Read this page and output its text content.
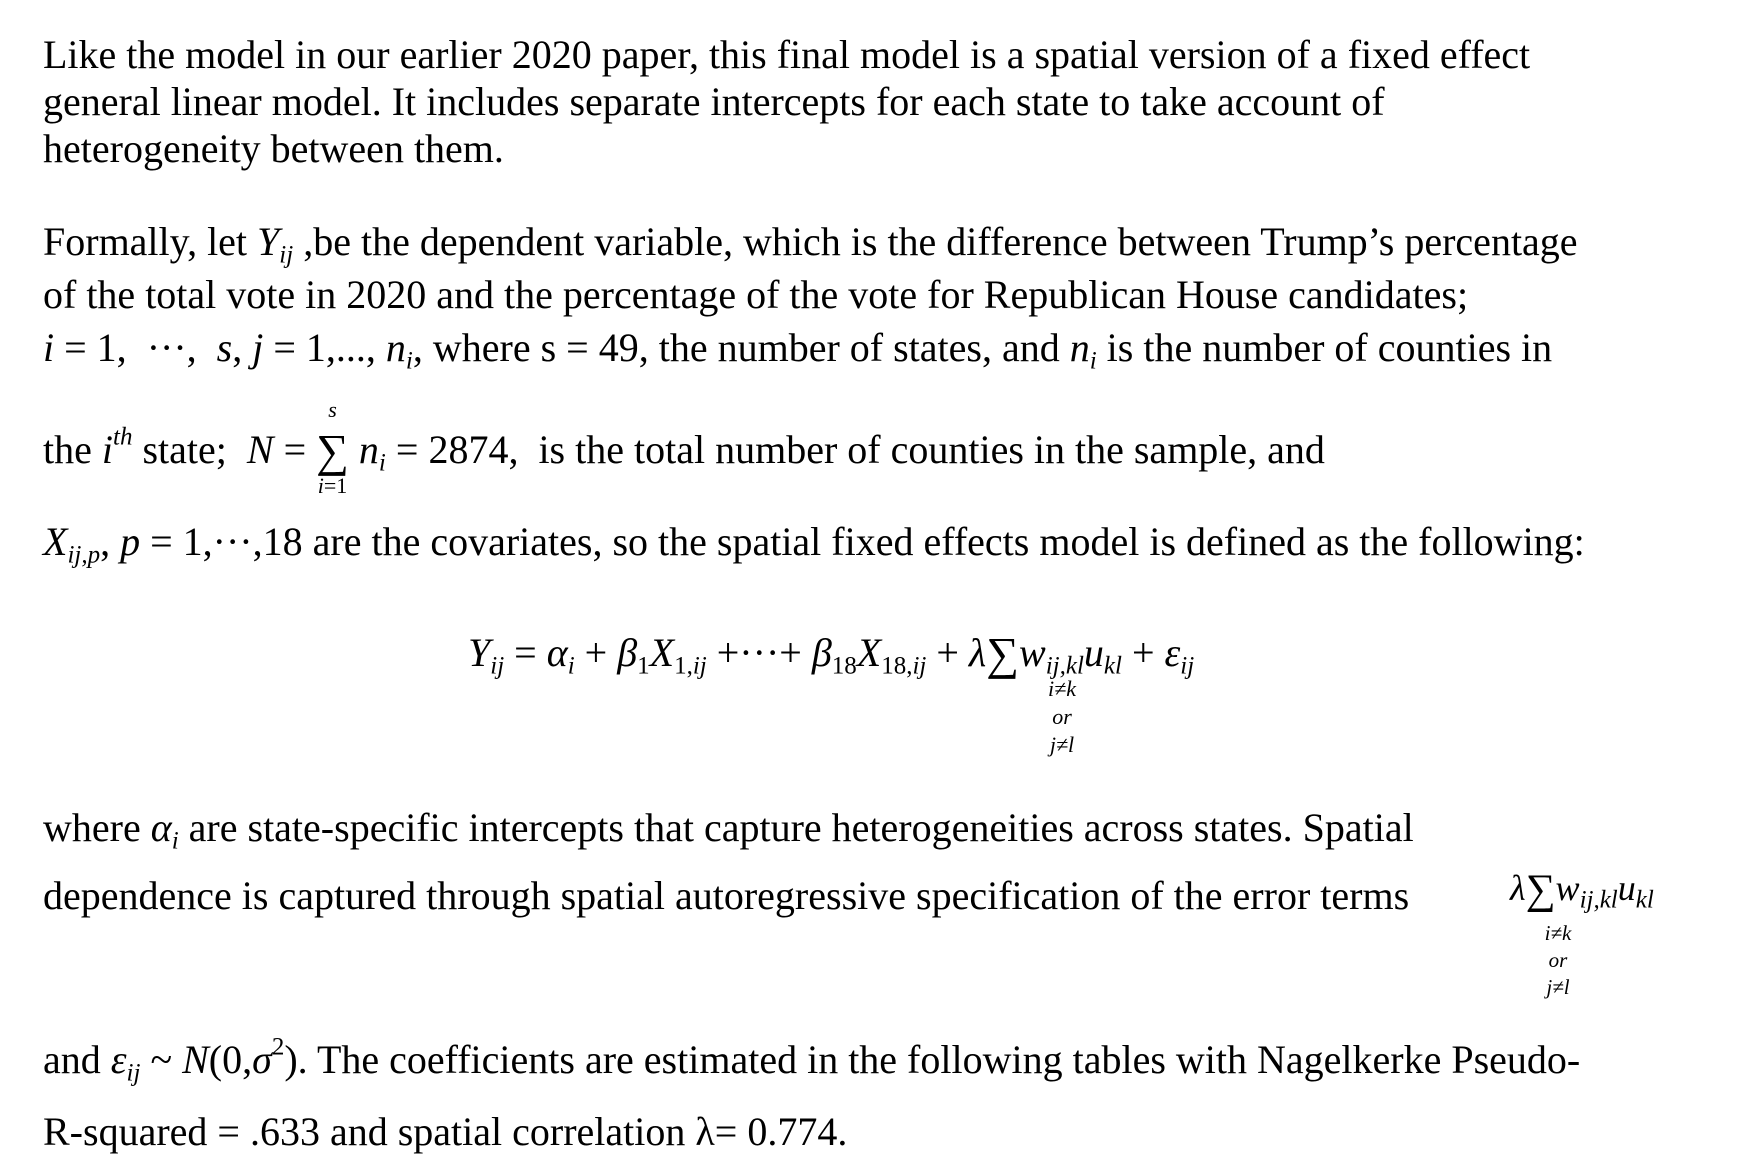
Like the model in our earlier 2020 paper, this final model is a spatial version of a fixed effect
general linear model. It includes separate intercepts for each state to take account of
heterogeneity between them.
Formally, let $Y_{ij}$ ,be the dependent variable, which is the difference between Trump’s percentage
of the total vote in 2020 and the percentage of the vote for Republican House candidates;
i = 1, ···,  s, j = 1,..., $n_i$, where s = 49, the number of states, and $n_i$ is the number of counties in
the $i^{th}$ state;  N = ∑
s
i=1
$n_i = 2874$, is the total number of counties in the sample, and
$X_{ij,p}$, p = 1,···,18 are the covariates, so the spatial fixed effects model is defined as the following:
$Y_{ij} = \alpha_i + \beta_1X_{1,ij}$ +···+ $\beta_{18}X_{18,ij} + \lambda\sum w_{ij,kl}u_{kl} + \varepsilon_{ij}$
i≠k
or
j≠l
where $\alpha_i$ are state-specific intercepts that capture heterogeneities across states. Spatial
dependence is captured through spatial autoregressive specification of the error terms	$\lambda\sum w_{ij,kl}u_{kl}$
i≠k
or
j≠l
and $\varepsilon_{ij}$ ~ $N(0,\sigma^2)$. The coefficients are estimated in the following tables with Nagelkerke Pseudo-
R-squared = .633 and spatial correlation λ= 0.774.
